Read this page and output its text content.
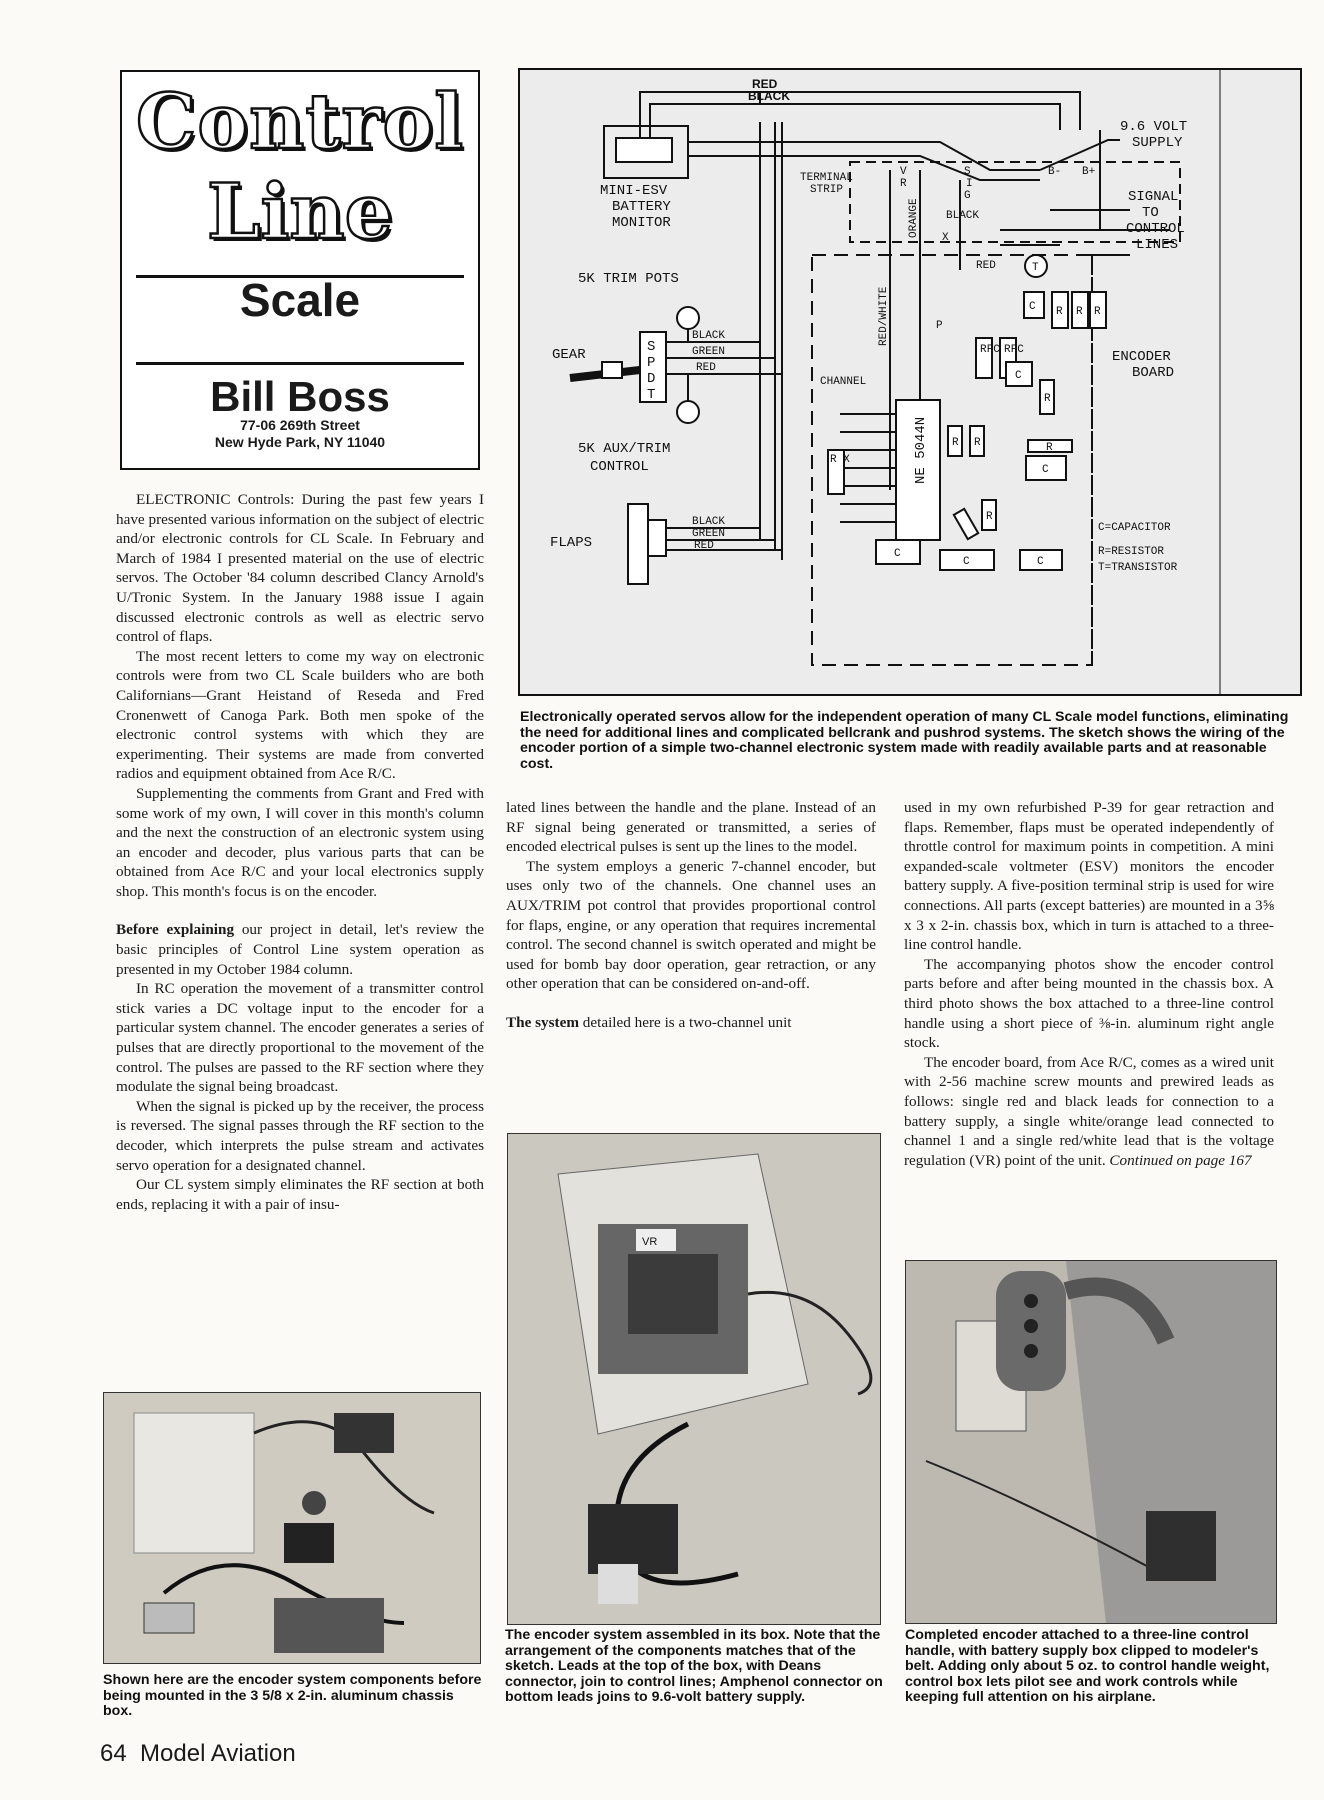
Control
Line
Scale
Bill Boss
77-06 269th Street
New Hyde Park, NY 11040

ELECTRONIC Controls: During the past few years I have presented various information on the subject of electric and/or electronic controls for CL Scale. In February and March of 1984 I presented material on the use of electric servos. The October '84 column described Clancy Arnold's U/Tronic System. In the January 1988 issue I again discussed electronic controls as well as electric servo control of flaps.

The most recent letters to come my way on electronic controls were from two CL Scale builders who are both Californians—Grant Heistand of Reseda and Fred Cronenwett of Canoga Park. Both men spoke of the electronic control systems with which they are experimenting. Their systems are made from converted radios and equipment obtained from Ace R/C.

Supplementing the comments from Grant and Fred with some work of my own, I will cover in this month's column and the next the construction of an electronic system using an encoder and decoder, plus various parts that can be obtained from Ace R/C and your local electronics supply shop. This month's focus is on the encoder.

Before explaining our project in detail, let's review the basic principles of Control Line system operation as presented in my October 1984 column.

In RC operation the movement of a transmitter control stick varies a DC voltage input to the encoder for a particular system channel. The encoder generates a series of pulses that are directly proportional to the movement of the control. The pulses are passed to the RF section where they modulate the signal being broadcast.

When the signal is picked up by the receiver, the process is reversed. The signal passes through the RF section to the decoder, which interprets the pulse stream and activates servo operation for a designated channel.

Our CL system simply eliminates the RF section at both ends, replacing it with a pair of insu-

lated lines between the handle and the plane. Instead of an RF signal being generated or transmitted, a series of encoded electrical pulses is sent up the lines to the model.

The system employs a generic 7-channel encoder, but uses only two of the channels. One channel uses an AUX/TRIM pot control that provides proportional control for flaps, engine, or any operation that requires incremental control. The second channel is switch operated and might be used for bomb bay door operation, gear retraction, or any other operation that can be considered on-and-off.

The system detailed here is a two-channel unit

used in my own refurbished P-39 for gear retraction and flaps. Remember, flaps must be operated independently of throttle control for maximum points in competition. A mini expanded-scale voltmeter (ESV) monitors the encoder battery supply. A five-position terminal strip is used for wire connections. All parts (except batteries) are mounted in a 3⅝ x 3 x 2-in. chassis box, which in turn is attached to a three-line control handle.

The accompanying photos show the encoder control parts before and after being mounted in the chassis box. A third photo shows the box attached to a three-line control handle using a short piece of ⅜-in. aluminum right angle stock.

The encoder board, from Ace R/C, comes as a wired unit with 2-56 machine screw mounts and prewired leads as follows: single red and black leads for connection to a battery supply, a single white/orange lead connected to channel 1 and a single red/white lead that is the voltage regulation (VR) point of the unit. Continued on page 167

RED
BLACK
9.6 VOLT
SUPPLY
MINI-ESV
BATTERY
MONITOR
TERMINAL
STRIP	SIGNAL
TO
CONTROL
LINES
5K TRIM POTS
GEAR
5K AUX/TRIM
CONTROL
FLAPS
ENCODER
BOARD
CHANNEL
NE 5044N
ORANGE
RED/WHITE
BLACK
GREEN
RED
BLACK
GREEN
RED
BLACK
RED
C=CAPACITOR
R=RESISTOR
T=TRANSISTOR
S
P
D
T
B- B+
V
R
S
I
G
RFC RFC
C
C
C
C
C	C
R R R
R R
R
R
R
T
R X
X
P
Electronically operated servos allow for the independent operation of many CL Scale model functions, eliminating the need for additional lines and complicated bellcrank and pushrod systems. The sketch shows the wiring of the encoder portion of a simple two-channel electronic system made with readily available parts and at reasonable cost.
Shown here are the encoder system components before being mounted in the 3 5/8 x 2-in. aluminum chassis box.
VR
The encoder system assembled in its box. Note that the arrangement of the components matches that of the sketch. Leads at the top of the box, with Deans connector, join to control lines; Amphenol connector on bottom leads joins to 9.6-volt battery supply.
Completed encoder attached to a three-line control handle, with battery supply box clipped to modeler's belt. Adding only about 5 oz. to control handle weight, control box lets pilot see and work controls while keeping full attention on his airplane.
64 Model Aviation
